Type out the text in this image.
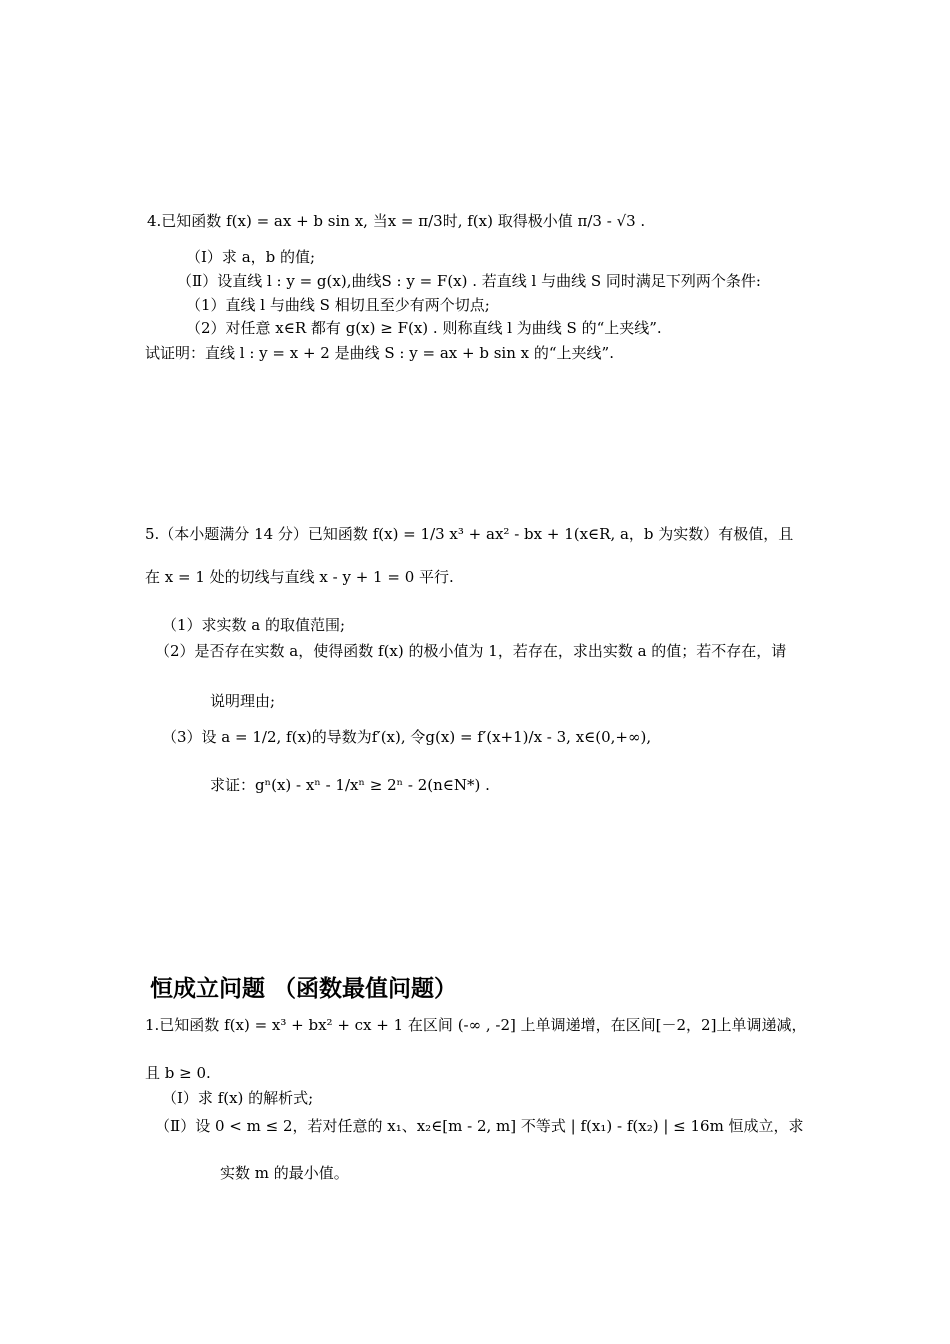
4.已知函数 f(x) = ax + b sin x, 当x = π/3时, f(x) 取得极小值 π/3 - √3 .
（Ⅰ）求 a，b 的值;
（Ⅱ）设直线 l : y = g(x),曲线S : y = F(x) . 若直线 l 与曲线 S 同时满足下列两个条件:
（1）直线 l 与曲线 S 相切且至少有两个切点;
（2）对任意 x∈R 都有 g(x) ≥ F(x) . 则称直线 l 为曲线 S 的“上夹线”.
试证明：直线 l : y = x + 2 是曲线 S : y = ax + b sin x 的“上夹线”.
5.（本小题满分 14 分）已知函数 f(x) = 1/3 x³ + ax² - bx + 1(x∈R, a，b 为实数）有极值，且
在 x = 1 处的切线与直线 x - y + 1 = 0 平行.
（1）求实数 a 的取值范围;
（2）是否存在实数 a，使得函数 f(x) 的极小值为 1，若存在，求出实数 a 的值；若不存在，请
说明理由;
（3）设 a = 1/2, f(x)的导数为f′(x), 令g(x) = f′(x+1)/x - 3, x∈(0,+∞),
求证：gⁿ(x) - xⁿ - 1/xⁿ ≥ 2ⁿ - 2(n∈N*) .
恒成立问题 （函数最值问题）
1.已知函数 f(x) = x³ + bx² + cx + 1 在区间 (-∞ , -2] 上单调递增，在区间[－2，2]上单调递减，
且 b ≥ 0.
（Ⅰ）求 f(x) 的解析式;
（Ⅱ）设 0 < m ≤ 2，若对任意的 x₁、x₂∈[m - 2, m] 不等式 | f(x₁) - f(x₂) | ≤ 16m 恒成立，求
实数 m 的最小值。
